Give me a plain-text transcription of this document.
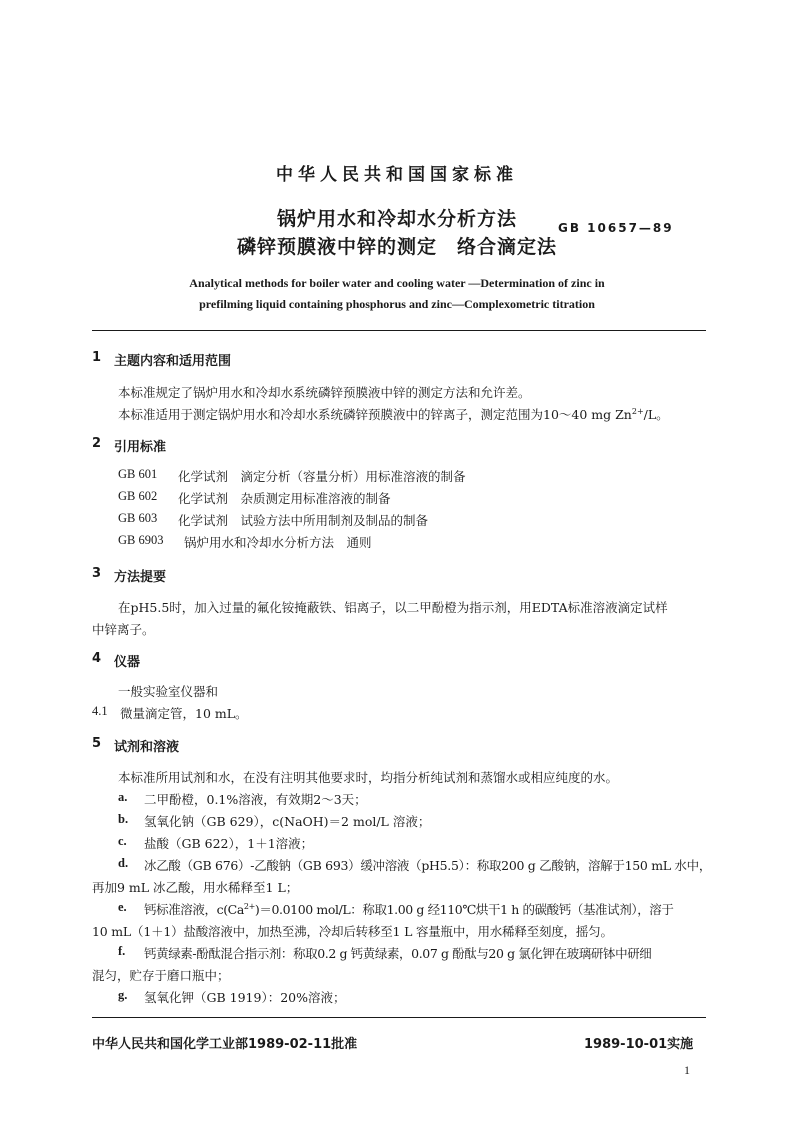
中华人民共和国国家标准
锅炉用水和冷却水分析方法
磷锌预膜液中锌的测定　络合滴定法
GB 10657—89
Analytical methods for boiler water and cooling water —Determination of zinc in
prefilming liquid containing phosphorus and zinc—Complexometric titration
1 主题内容和适用范围
本标准规定了锅炉用水和冷却水系统磷锌预膜液中锌的测定方法和允许差。
本标准适用于测定锅炉用水和冷却水系统磷锌预膜液中的锌离子，测定范围为10～40 mg $Zn^{2+}/L$。
2 引用标准
GB 601 化学试剂　滴定分析（容量分析）用标准溶液的制备
GB 602 化学试剂　杂质测定用标准溶液的制备
GB 603 化学试剂　试验方法中所用制剂及制品的制备
GB 6903 锅炉用水和冷却水分析方法　通则
3 方法提要
在pH5.5时，加入过量的氟化铵掩蔽铁、铝离子，以二甲酚橙为指示剂，用EDTA标准溶液滴定试样
中锌离子。
4 仪器
一般实验室仪器和
4.1 微量滴定管，10 mL。
5 试剂和溶液
本标准所用试剂和水，在没有注明其他要求时，均指分析纯试剂和蒸馏水或相应纯度的水。
a. 二甲酚橙，0.1%溶液，有效期2～3天；
b. 氢氧化钠（GB 629），c(NaOH)＝2 mol/L 溶液；
c. 盐酸（GB 622），1＋1溶液；
d. 冰乙酸（GB 676）-乙酸钠（GB 693）缓冲溶液（pH5.5）：称取200 g 乙酸钠，溶解于150 mL 水中，
再加9 mL 冰乙酸，用水稀释至1 L；
e. 钙标准溶液，$c(Ca^{2+})=0.0100$ mol/L：称取1.00 g 经110℃烘干1 h 的碳酸钙（基准试剂），溶于
10 mL（1＋1）盐酸溶液中，加热至沸，冷却后转移至1 L 容量瓶中，用水稀释至刻度，摇匀。
f. 钙黄绿素-酚酞混合指示剂：称取0.2 g 钙黄绿素，0.07 g 酚酞与20 g 氯化钾在玻璃研钵中研细
混匀，贮存于磨口瓶中；
g. 氢氧化钾（GB 1919）：20%溶液；
中华人民共和国化学工业部1989-02-11批准	1989-10-01实施
1
